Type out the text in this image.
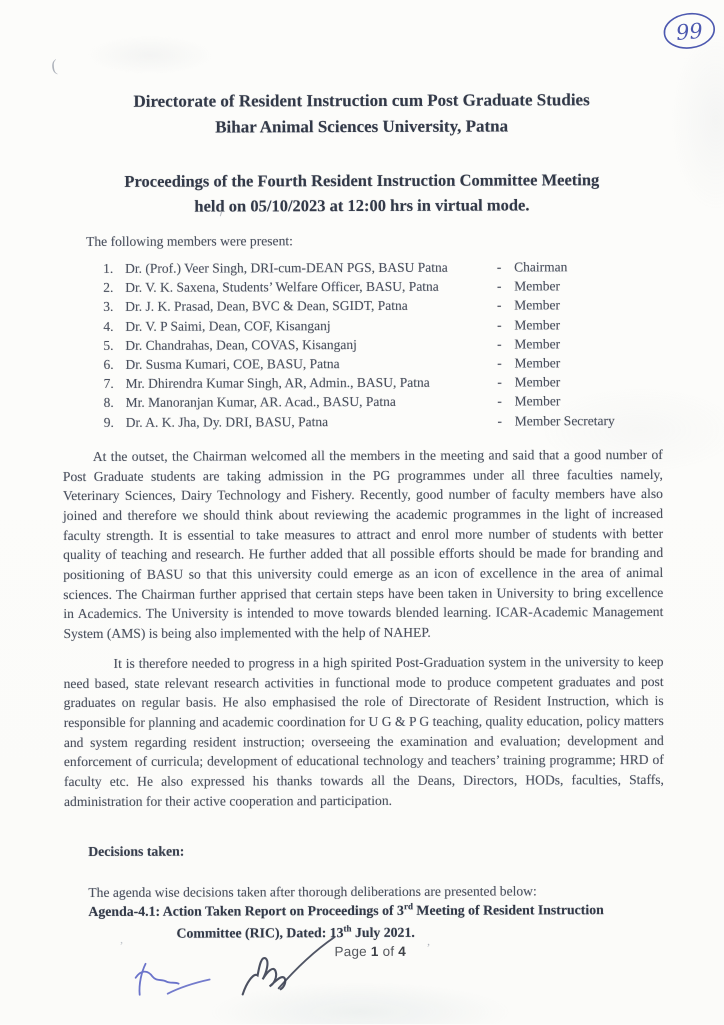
99
(
’
’
Directorate of Resident Instruction cum Post Graduate Studies
Bihar Animal Sciences University, Patna
Proceedings of the Fourth Resident Instruction Committee Meeting
held on 05/10/2023 at 12:00 hrs in virtual mode.
The following members were present:
1. Dr. (Prof.) Veer Singh, DRI-cum-DEAN PGS, BASU Patna	- Chairman
2. Dr. V. K. Saxena, Students’ Welfare Officer, BASU, Patna	- Member
3. Dr. J. K. Prasad, Dean, BVC & Dean, SGIDT, Patna	- Member
4. Dr. V. P Saimi, Dean, COF, Kisanganj	- Member
5. Dr. Chandrahas, Dean, COVAS, Kisanganj	- Member
6. Dr. Susma Kumari, COE, BASU, Patna	- Member
7. Mr. Dhirendra Kumar Singh, AR, Admin., BASU, Patna	- Member
8. Mr. Manoranjan Kumar, AR. Acad., BASU, Patna	- Member
9. Dr. A. K. Jha, Dy. DRI, BASU, Patna	- Member Secretary

At the outset, the Chairman welcomed all the members in the meeting and said that a good number of Post Graduate students are taking admission in the PG programmes under all three faculties namely, Veterinary Sciences, Dairy Technology and Fishery. Recently, good number of faculty members have also joined and therefore we should think about reviewing the academic programmes in the light of increased faculty strength. It is essential to take measures to attract and enrol more number of students with better quality of teaching and research. He further added that all possible efforts should be made for branding and positioning of BASU so that this university could emerge as an icon of excellence in the area of animal sciences. The Chairman further apprised that certain steps have been taken in University to bring excellence in Academics. The University is intended to move towards blended learning. ICAR-Academic Management System (AMS) is being also implemented with the help of NAHEP.

It is therefore needed to progress in a high spirited Post-Graduation system in the university to keep need based, state relevant research activities in functional mode to produce competent graduates and post graduates on regular basis. He also emphasised the role of Directorate of Resident Instruction, which is responsible for planning and academic coordination for U G & P G teaching, quality education, policy matters and system regarding resident instruction; overseeing the examination and evaluation; development and enforcement of curricula; development of educational technology and teachers’ training programme; HRD of faculty etc. He also expressed his thanks towards all the Deans, Directors, HODs, faculties, Staffs, administration for their active cooperation and participation.

Decisions taken:
The agenda wise decisions taken after thorough deliberations are presented below:
Agenda-4.1: Action Taken Report on Proceedings of 3rd Meeting of Resident Instruction
Committee (RIC), Dated: 13th July 2021.
Page 1 of 4
